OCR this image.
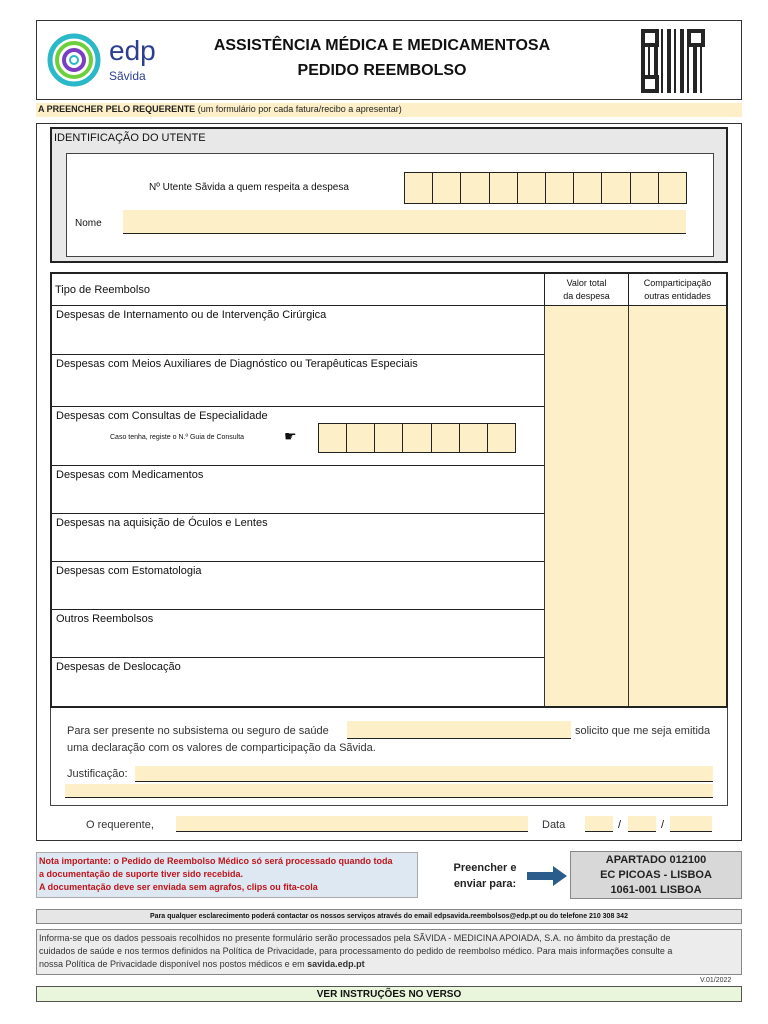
edp
Sãvida
ASSISTÊNCIA MÉDICA E MEDICAMENTOSA
PEDIDO REEMBOLSO
A PREENCHER PELO REQUERENTE (um formulário por cada fatura/recibo a apresentar)
IDENTIFICAÇÃO DO UTENTE
Nº Utente Sãvida a quem respeita a despesa
Nome
Tipo de Reembolso
Valor total
da despesa
Comparticipação
outras entidades
Despesas de Internamento ou de Intervenção Cirúrgica
Despesas com Meios Auxiliares de Diagnóstico ou Terapêuticas Especiais
Despesas com Consultas de Especialidade
Caso tenha, registe o N.º Guia de Consulta	☛
Despesas com Medicamentos
Despesas na aquisição de Óculos e Lentes
Despesas com Estomatologia
Outros Reembolsos
Despesas de Deslocação
Para ser presente no subsistema ou seguro de saúde	solicito que me seja emitida
uma declaração com os valores de comparticipação da Sãvida.
Justificação:
O requerente,	Data	/	/
Nota importante: o Pedido de Reembolso Médico só será processado quando toda
a documentação de suporte tiver sido recebida.
A documentação deve ser enviada sem agrafos, clips ou fita-cola
Preencher e
enviar para:
APARTADO 012100
EC PICOAS - LISBOA
1061-001 LISBOA
Para qualquer esclarecimento poderá contactar os nossos serviços através do email edpsavida.reembolsos@edp.pt ou do telefone 210 308 342
Informa-se que os dados pessoais recolhidos no presente formulário serão processados pela SÃVIDA - MEDICINA APOIADA, S.A. no âmbito da prestação de
cuidados de saúde e nos termos definidos na Política de Privacidade, para processamento do pedido de reembolso médico. Para mais informações consulte a
nossa Política de Privacidade disponível nos postos médicos e em savida.edp.pt
V.01/2022
VER INSTRUÇÕES NO VERSO
